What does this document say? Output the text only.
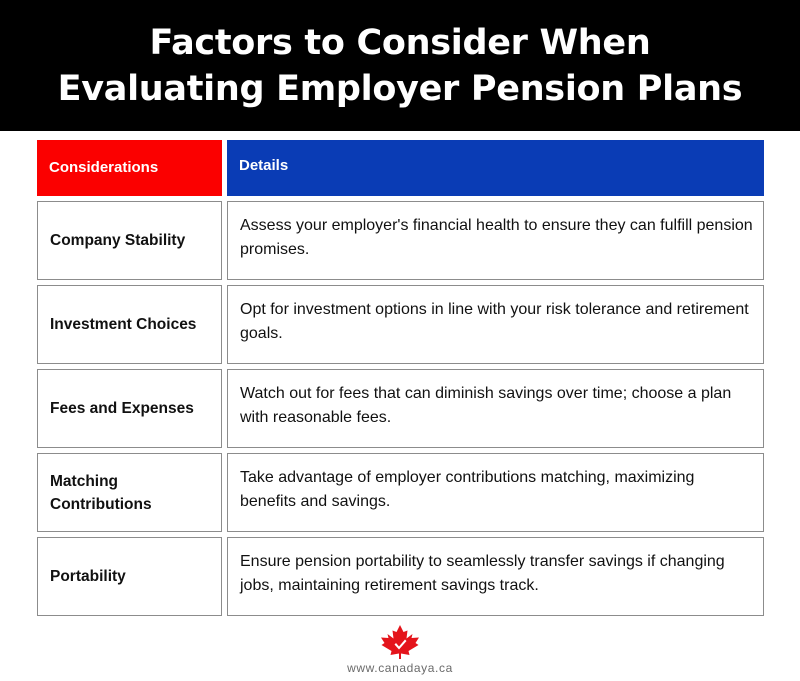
Factors to Consider When
Evaluating Employer Pension Plans
Considerations	Details
Company Stability
Assess your employer's financial health to ensure they can fulfill pension promises.
Investment Choices
Opt for investment options in line with your risk tolerance and retirement goals.
Fees and Expenses
Watch out for fees that can diminish savings over time; choose a plan with reasonable fees.
Matching Contributions
Take advantage of employer contributions matching, maximizing benefits and savings.
Portability
Ensure pension portability to seamlessly transfer savings if changing jobs, maintaining retirement savings track.
www.canadaya.ca
